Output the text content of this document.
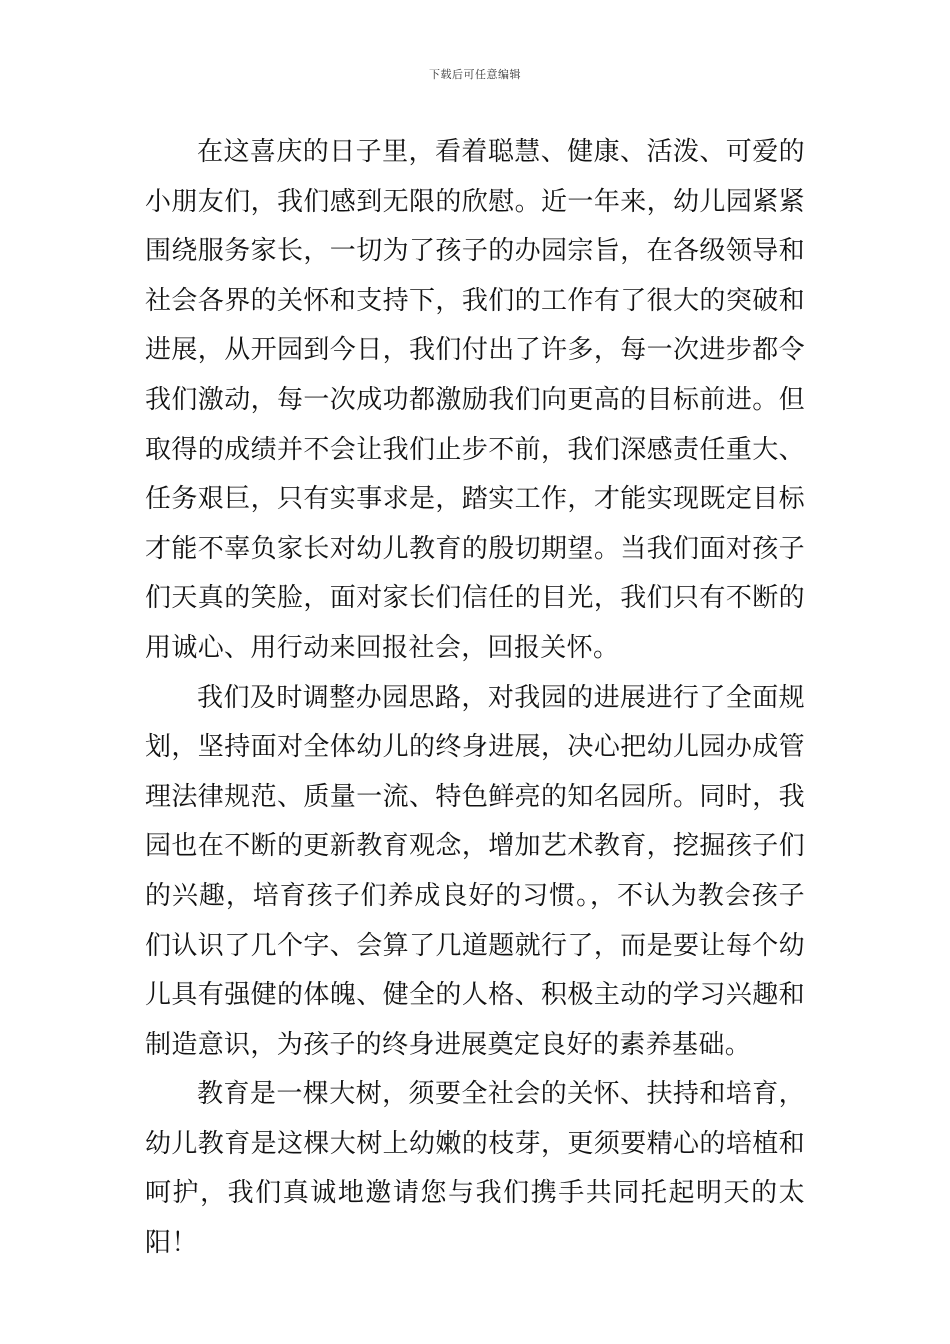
下载后可任意编辑

在这喜庆的日子里，看着聪慧、健康、活泼、可爱的小朋友们，我们感到无限的欣慰。近一年来，幼儿园紧紧围绕服务家长，一切为了孩子的办园宗旨，在各级领导和社会各界的关怀和支持下，我们的工作有了很大的突破和进展，从开园到今日，我们付出了许多，每一次进步都令我们激动，每一次成功都激励我们向更高的目标前进。但取得的成绩并不会让我们止步不前，我们深感责任重大、任务艰巨，只有实事求是，踏实工作，才能实现既定目标才能不辜负家长对幼儿教育的殷切期望。当我们面对孩子们天真的笑脸，面对家长们信任的目光，我们只有不断的用诚心、用行动来回报社会，回报关怀。

我们及时调整办园思路，对我园的进展进行了全面规划，坚持面对全体幼儿的终身进展，决心把幼儿园办成管理法律规范、质量一流、特色鲜亮的知名园所。同时，我园也在不断的更新教育观念，增加艺术教育，挖掘孩子们的兴趣，培育孩子们养成良好的习惯。，不认为教会孩子们认识了几个字、会算了几道题就行了，而是要让每个幼儿具有强健的体魄、健全的人格、积极主动的学习兴趣和制造意识，为孩子的终身进展奠定良好的素养基础。

教育是一棵大树，须要全社会的关怀、扶持和培育，幼儿教育是这棵大树上幼嫩的枝芽，更须要精心的培植和呵护，我们真诚地邀请您与我们携手共同托起明天的太阳！
